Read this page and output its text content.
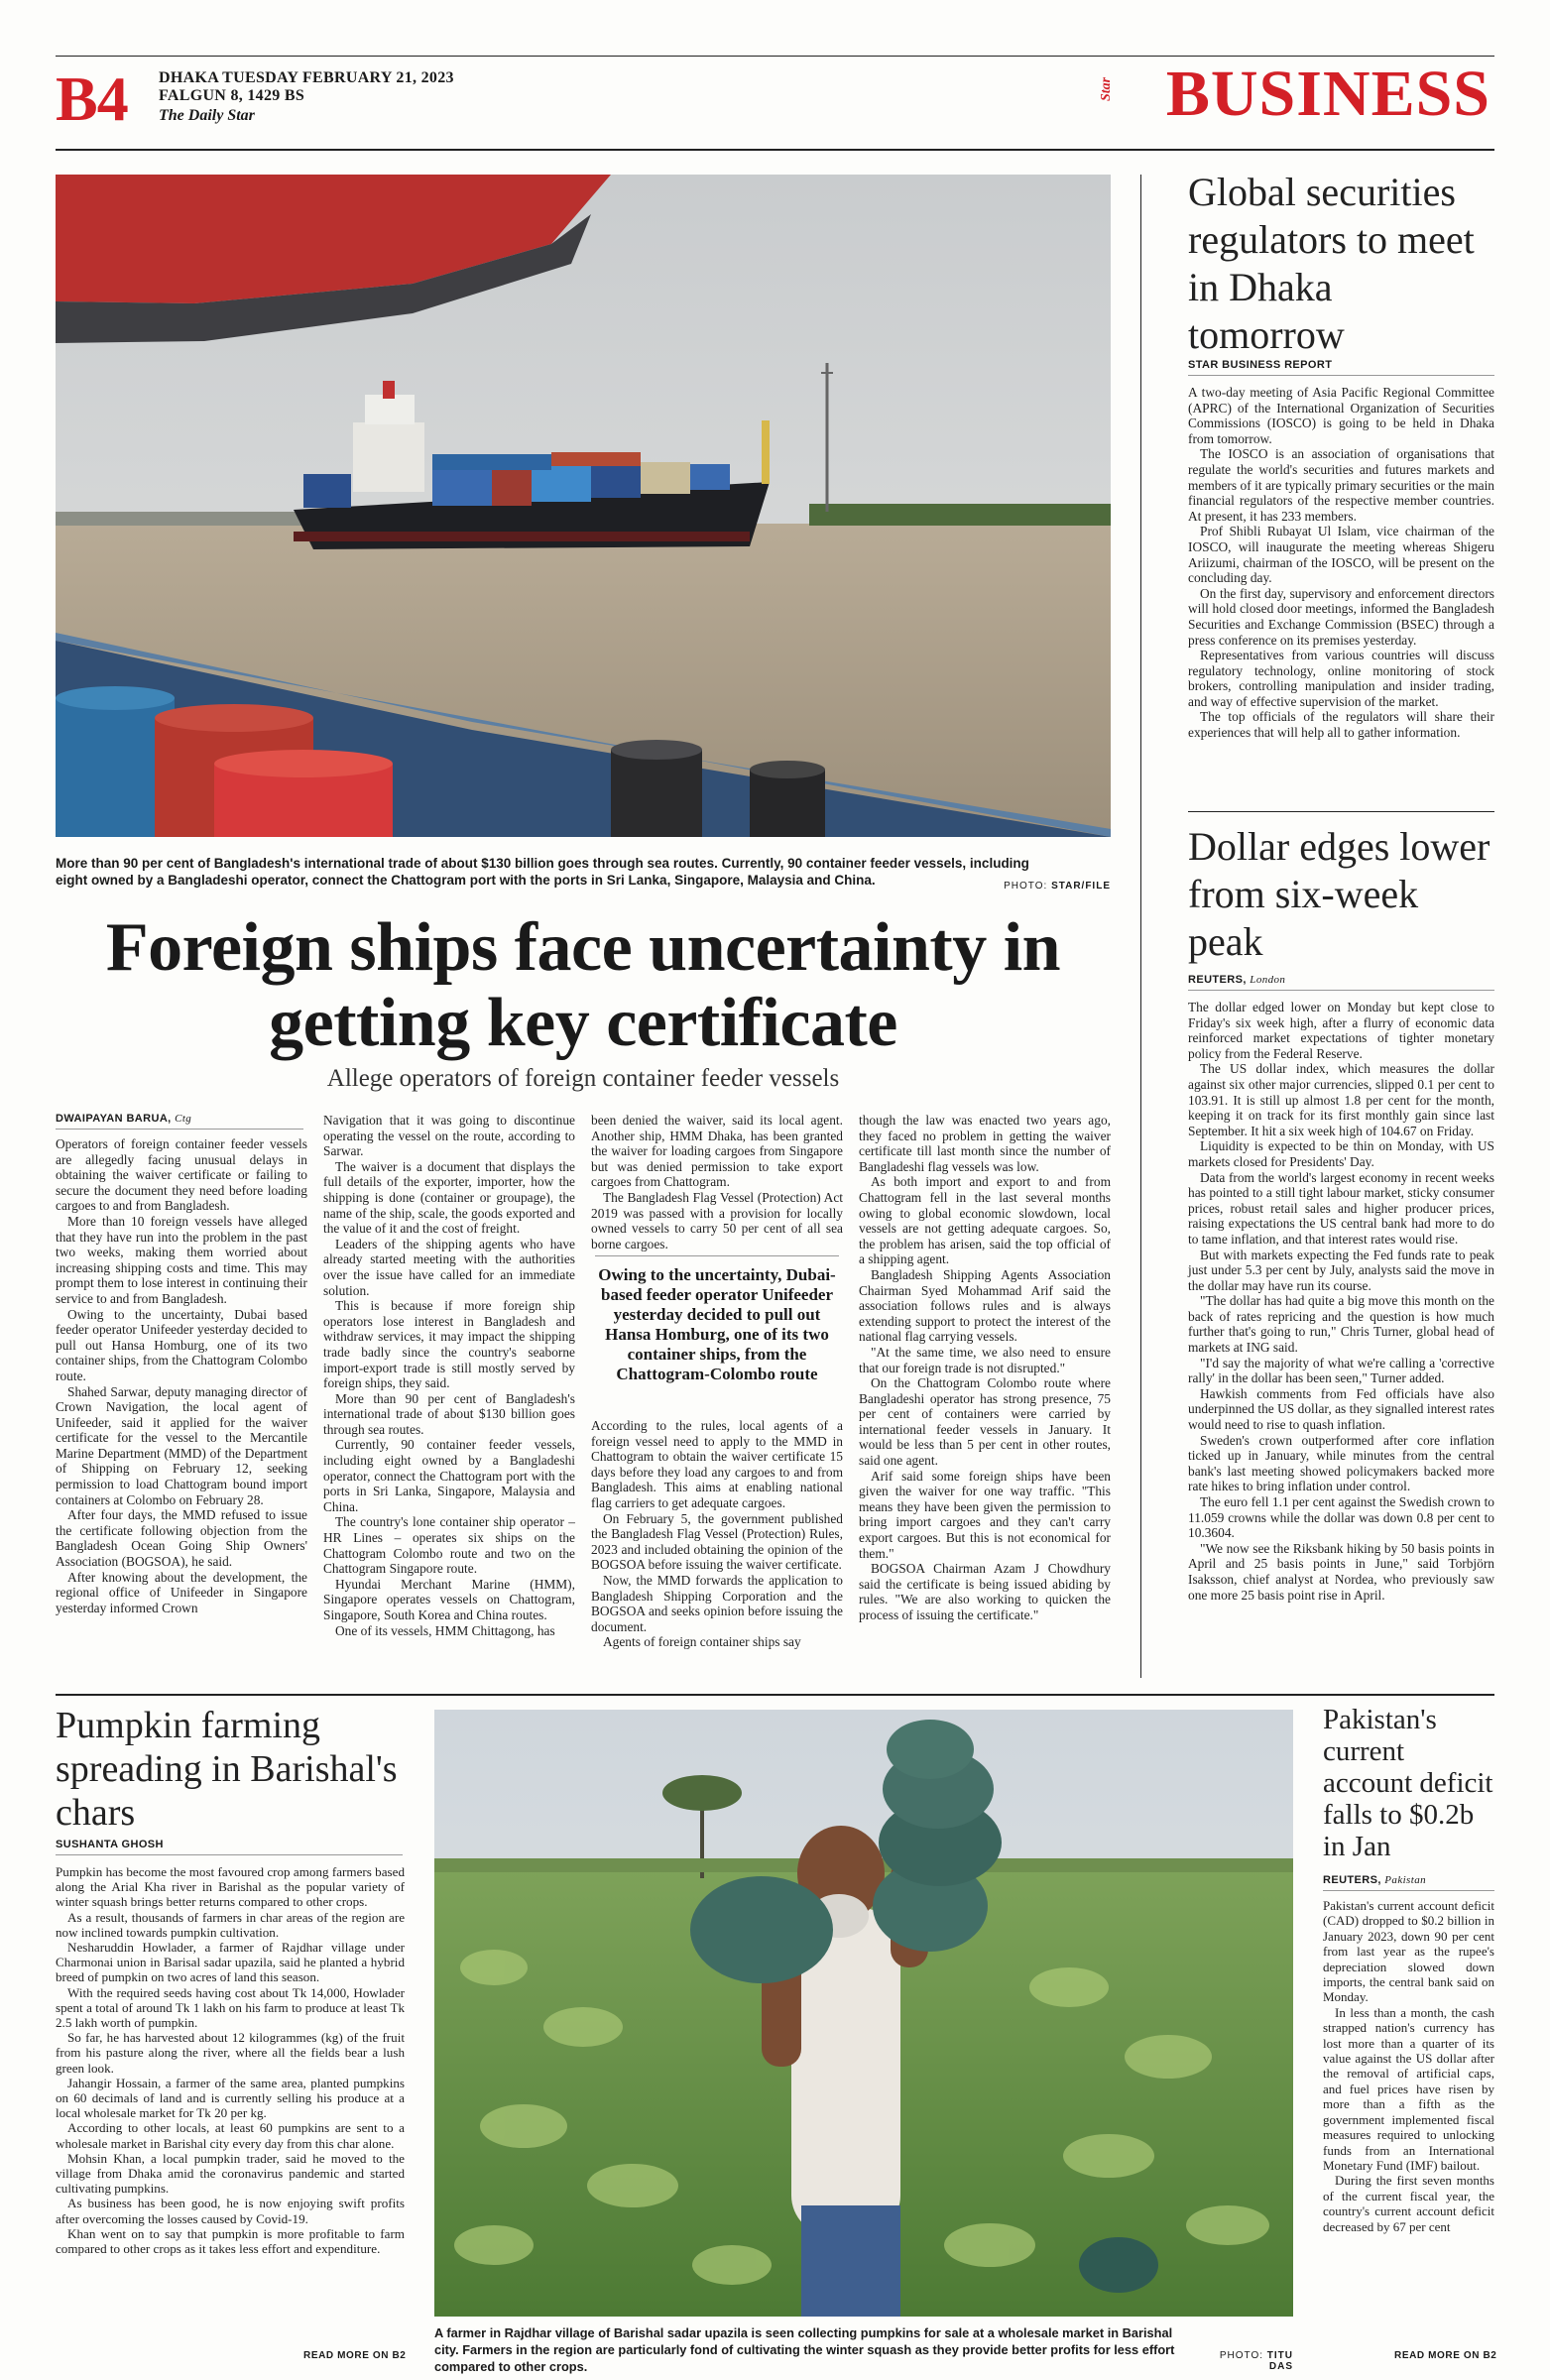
B4 DHAKA TUESDAY FEBRUARY 21, 2023
FALGUN 8, 1429 BS
The Daily Star
Star BUSINESS
More than 90 per cent of Bangladesh's international trade of about $130 billion goes through sea routes. Currently, 90 container feeder vessels, including eight owned by a Bangladeshi operator, connect the Chattogram port with the ports in Sri Lanka, Singapore, Malaysia and China.	PHOTO: STAR/FILE
Foreign ships face uncertainty in getting key certificate
Allege operators of foreign container feeder vessels
DWAIPAYAN BARUA, Ctg

Operators of foreign container feeder vessels are allegedly facing unusual delays in obtaining the waiver certificate or failing to secure the document they need before loading cargoes to and from Bangladesh.

More than 10 foreign vessels have alleged that they have run into the problem in the past two weeks, making them worried about increasing shipping costs and time. This may prompt them to lose interest in continuing their service to and from Bangladesh.

Owing to the uncertainty, Dubai based feeder operator Unifeeder yesterday decided to pull out Hansa Homburg, one of its two container ships, from the Chattogram Colombo route.

Shahed Sarwar, deputy managing director of Crown Navigation, the local agent of Unifeeder, said it applied for the waiver certificate for the vessel to the Mercantile Marine Department (MMD) of the Department of Shipping on February 12, seeking permission to load Chattogram bound import containers at Colombo on February 28.

After four days, the MMD refused to issue the certificate following objection from the Bangladesh Ocean Going Ship Owners' Association (BOGSOA), he said.

After knowing about the development, the regional office of Unifeeder in Singapore yesterday informed Crown

Navigation that it was going to discontinue operating the vessel on the route, according to Sarwar.

The waiver is a document that displays the full details of the exporter, importer, how the shipping is done (container or groupage), the name of the ship, scale, the goods exported and the value of it and the cost of freight.

Leaders of the shipping agents who have already started meeting with the authorities over the issue have called for an immediate solution.

This is because if more foreign ship operators lose interest in Bangladesh and withdraw services, it may impact the shipping trade badly since the country's seaborne import-export trade is still mostly served by foreign ships, they said.

More than 90 per cent of Bangladesh's international trade of about $130 billion goes through sea routes.

Currently, 90 container feeder vessels, including eight owned by a Bangladeshi operator, connect the Chattogram port with the ports in Sri Lanka, Singapore, Malaysia and China.

The country's lone container ship operator – HR Lines – operates six ships on the Chattogram Colombo route and two on the Chattogram Singapore route.

Hyundai Merchant Marine (HMM), Singapore operates vessels on Chattogram, Singapore, South Korea and China routes.

One of its vessels, HMM Chittagong, has

been denied the waiver, said its local agent. Another ship, HMM Dhaka, has been granted the waiver for loading cargoes from Singapore but was denied permission to take export cargoes from Chattogram.

The Bangladesh Flag Vessel (Protection) Act 2019 was passed with a provision for locally owned vessels to carry 50 per cent of all sea borne cargoes.

Owing to the uncertainty, Dubai-based feeder operator Unifeeder yesterday decided to pull out Hansa Homburg, one of its two container ships, from the Chattogram-Colombo route

According to the rules, local agents of a foreign vessel need to apply to the MMD in Chattogram to obtain the waiver certificate 15 days before they load any cargoes to and from Bangladesh. This aims at enabling national flag carriers to get adequate cargoes.

On February 5, the government published the Bangladesh Flag Vessel (Protection) Rules, 2023 and included obtaining the opinion of the BOGSOA before issuing the waiver certificate.

Now, the MMD forwards the application to Bangladesh Shipping Corporation and the BOGSOA and seeks opinion before issuing the document.

Agents of foreign container ships say

though the law was enacted two years ago, they faced no problem in getting the waiver certificate till last month since the number of Bangladeshi flag vessels was low.

As both import and export to and from Chattogram fell in the last several months owing to global economic slowdown, local vessels are not getting adequate cargoes. So, the problem has arisen, said the top official of a shipping agent.

Bangladesh Shipping Agents Association Chairman Syed Mohammad Arif said the association follows rules and is always extending support to protect the interest of the national flag carrying vessels.

"At the same time, we also need to ensure that our foreign trade is not disrupted."

On the Chattogram Colombo route where Bangladeshi operator has strong presence, 75 per cent of containers were carried by international feeder vessels in January. It would be less than 5 per cent in other routes, said one agent.

Arif said some foreign ships have been given the waiver for one way traffic. "This means they have been given the permission to bring import cargoes and they can't carry export cargoes. But this is not economical for them."

BOGSOA Chairman Azam J Chowdhury said the certificate is being issued abiding by rules. "We are also working to quicken the process of issuing the certificate."

Global securities regulators to meet in Dhaka tomorrow
STAR BUSINESS REPORT

A two-day meeting of Asia Pacific Regional Committee (APRC) of the International Organization of Securities Commissions (IOSCO) is going to be held in Dhaka from tomorrow.

The IOSCO is an association of organisations that regulate the world's securities and futures markets and members of it are typically primary securities or the main financial regulators of the respective member countries. At present, it has 233 members.

Prof Shibli Rubayat Ul Islam, vice chairman of the IOSCO, will inaugurate the meeting whereas Shigeru Ariizumi, chairman of the IOSCO, will be present on the concluding day.

On the first day, supervisory and enforcement directors will hold closed door meetings, informed the Bangladesh Securities and Exchange Commission (BSEC) through a press conference on its premises yesterday.

Representatives from various countries will discuss regulatory technology, online monitoring of stock brokers, controlling manipulation and insider trading, and way of effective supervision of the market.

The top officials of the regulators will share their experiences that will help all to gather information.

Dollar edges lower from six-week peak
REUTERS, London

The dollar edged lower on Monday but kept close to Friday's six week high, after a flurry of economic data reinforced market expectations of tighter monetary policy from the Federal Reserve.

The US dollar index, which measures the dollar against six other major currencies, slipped 0.1 per cent to 103.91. It is still up almost 1.8 per cent for the month, keeping it on track for its first monthly gain since last September. It hit a six week high of 104.67 on Friday.

Liquidity is expected to be thin on Monday, with US markets closed for Presidents' Day.

Data from the world's largest economy in recent weeks has pointed to a still tight labour market, sticky consumer prices, robust retail sales and higher producer prices, raising expectations the US central bank had more to do to tame inflation, and that interest rates would rise.

But with markets expecting the Fed funds rate to peak just under 5.3 per cent by July, analysts said the move in the dollar may have run its course.

"The dollar has had quite a big move this month on the back of rates repricing and the question is how much further that's going to run," Chris Turner, global head of markets at ING said.

"I'd say the majority of what we're calling a 'corrective rally' in the dollar has been seen," Turner added.

Hawkish comments from Fed officials have also underpinned the US dollar, as they signalled interest rates would need to rise to quash inflation.

Sweden's crown outperformed after core inflation ticked up in January, while minutes from the central bank's last meeting showed policymakers backed more rate hikes to bring inflation under control.

The euro fell 1.1 per cent against the Swedish crown to 11.059 crowns while the dollar was down 0.8 per cent to 10.3604.

"We now see the Riksbank hiking by 50 basis points in April and 25 basis points in June," said Torbjörn Isaksson, chief analyst at Nordea, who previously saw one more 25 basis point rise in April.

Pumpkin farming spreading in Barishal's chars
SUSHANTA GHOSH

Pumpkin has become the most favoured crop among farmers based along the Arial Kha river in Barishal as the popular variety of winter squash brings better returns compared to other crops.

As a result, thousands of farmers in char areas of the region are now inclined towards pumpkin cultivation.

Nesharuddin Howlader, a farmer of Rajdhar village under Charmonai union in Barisal sadar upazila, said he planted a hybrid breed of pumpkin on two acres of land this season.

With the required seeds having cost about Tk 14,000, Howlader spent a total of around Tk 1 lakh on his farm to produce at least Tk 2.5 lakh worth of pumpkin.

So far, he has harvested about 12 kilogrammes (kg) of the fruit from his pasture along the river, where all the fields bear a lush green look.

Jahangir Hossain, a farmer of the same area, planted pumpkins on 60 decimals of land and is currently selling his produce at a local wholesale market for Tk 20 per kg.

According to other locals, at least 60 pumpkins are sent to a wholesale market in Barishal city every day from this char alone.

Mohsin Khan, a local pumpkin trader, said he moved to the village from Dhaka amid the coronavirus pandemic and started cultivating pumpkins.

As business has been good, he is now enjoying swift profits after overcoming the losses caused by Covid-19.

Khan went on to say that pumpkin is more profitable to farm compared to other crops as it takes less effort and expenditure.

READ MORE ON B2
A farmer in Rajdhar village of Barishal sadar upazila is seen collecting pumpkins for sale at a wholesale market in Barishal city. Farmers in the region are particularly fond of cultivating the winter squash as they provide better profits for less effort compared to other crops.
PHOTO: TITU DAS
Pakistan's current account deficit falls to $0.2b in Jan
REUTERS, Pakistan

Pakistan's current account deficit (CAD) dropped to $0.2 billion in January 2023, down 90 per cent from last year as the rupee's depreciation slowed down imports, the central bank said on Monday.

In less than a month, the cash strapped nation's currency has lost more than a quarter of its value against the US dollar after the removal of artificial caps, and fuel prices have risen by more than a fifth as the government implemented fiscal measures required to unlocking funds from an International Monetary Fund (IMF) bailout.

During the first seven months of the current fiscal year, the country's current account deficit decreased by 67 per cent

READ MORE ON B2
